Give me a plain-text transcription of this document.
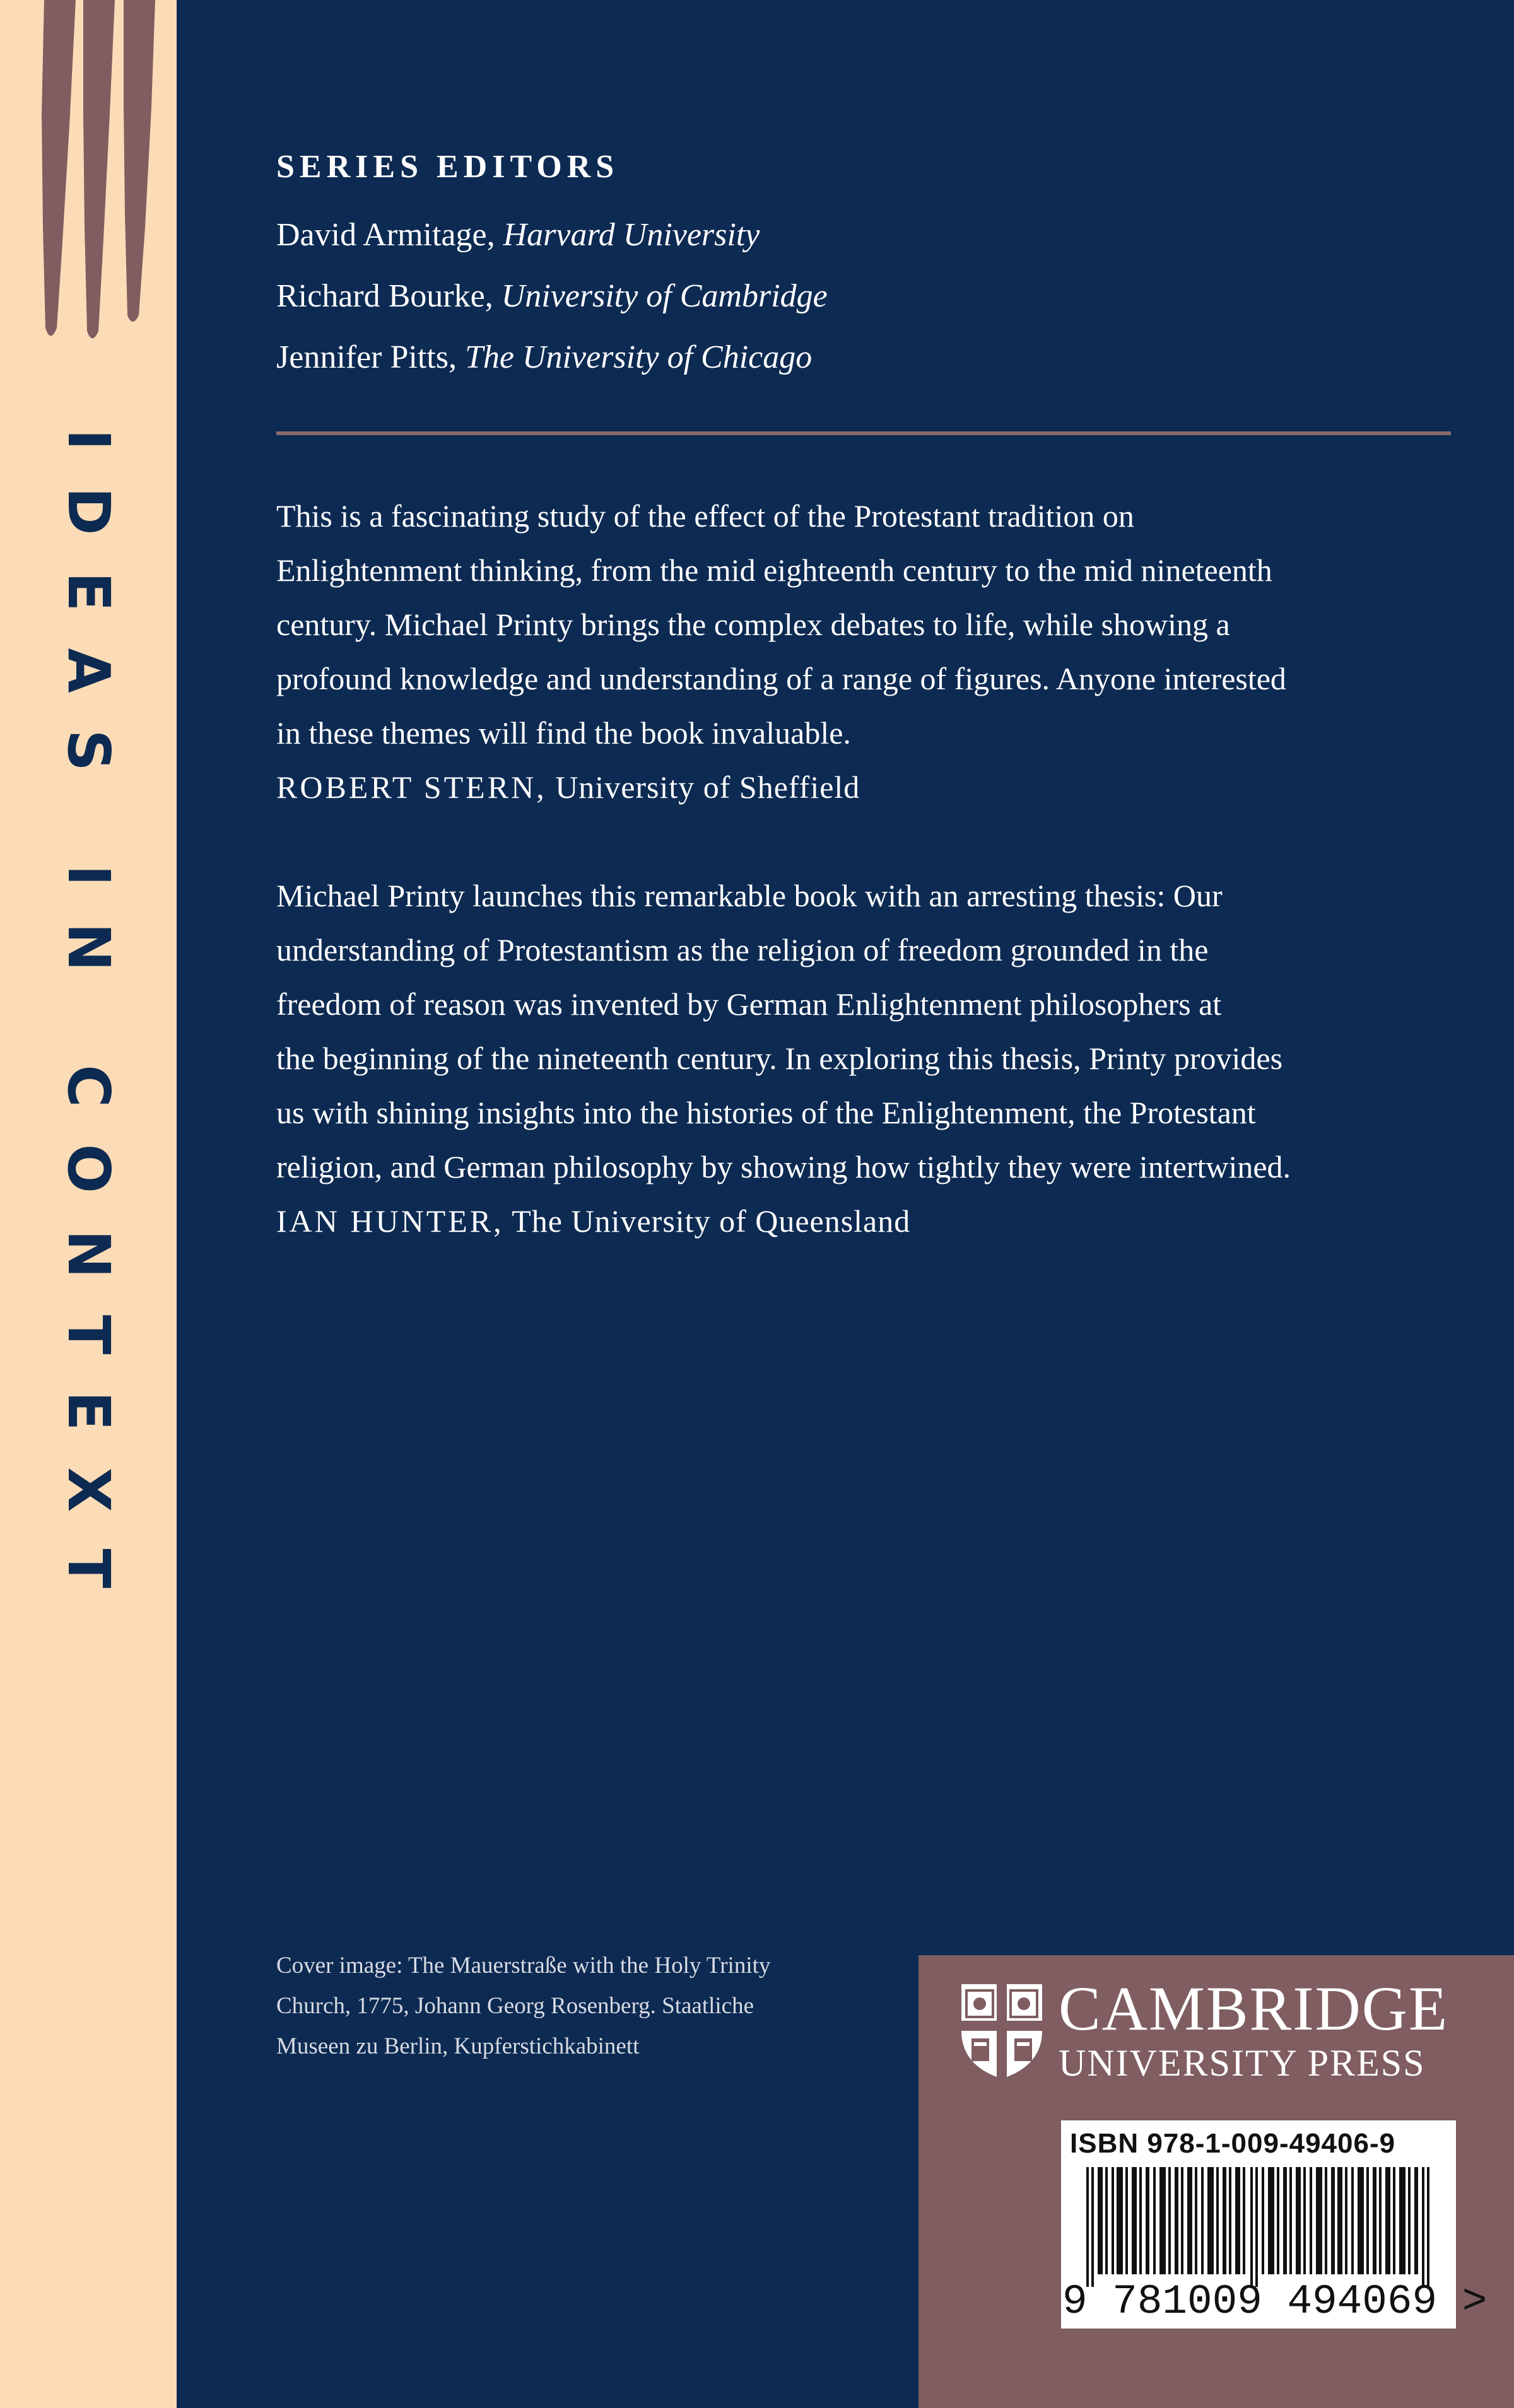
IDEAS IN CONTEXT
SERIES EDITORS
David Armitage, Harvard University
Richard Bourke, University of Cambridge
Jennifer Pitts, The University of Chicago

This is a fascinating study of the effect of the Protestant tradition on

Enlightenment thinking, from the mid eighteenth century to the mid nineteenth

century. Michael Printy brings the complex debates to life, while showing a

profound knowledge and understanding of a range of figures. Anyone interested

in these themes will find the book invaluable.

ROBERT STERN, University of Sheffield

Michael Printy launches this remarkable book with an arresting thesis: Our

understanding of Protestantism as the religion of freedom grounded in the

freedom of reason was invented by German Enlightenment philosophers at

the beginning of the nineteenth century. In exploring this thesis, Printy provides

us with shining insights into the histories of the Enlightenment, the Protestant

religion, and German philosophy by showing how tightly they were intertwined.

IAN HUNTER, The University of Queensland

Cover image: The Mauerstraße with the Holy Trinity

Church, 1775, Johann Georg Rosenberg. Staatliche

Museen zu Berlin, Kupferstichkabinett

CAMBRIDGE
UNIVERSITY PRESS
ISBN 978-1-009-49406-9
9 781009 494069 >
